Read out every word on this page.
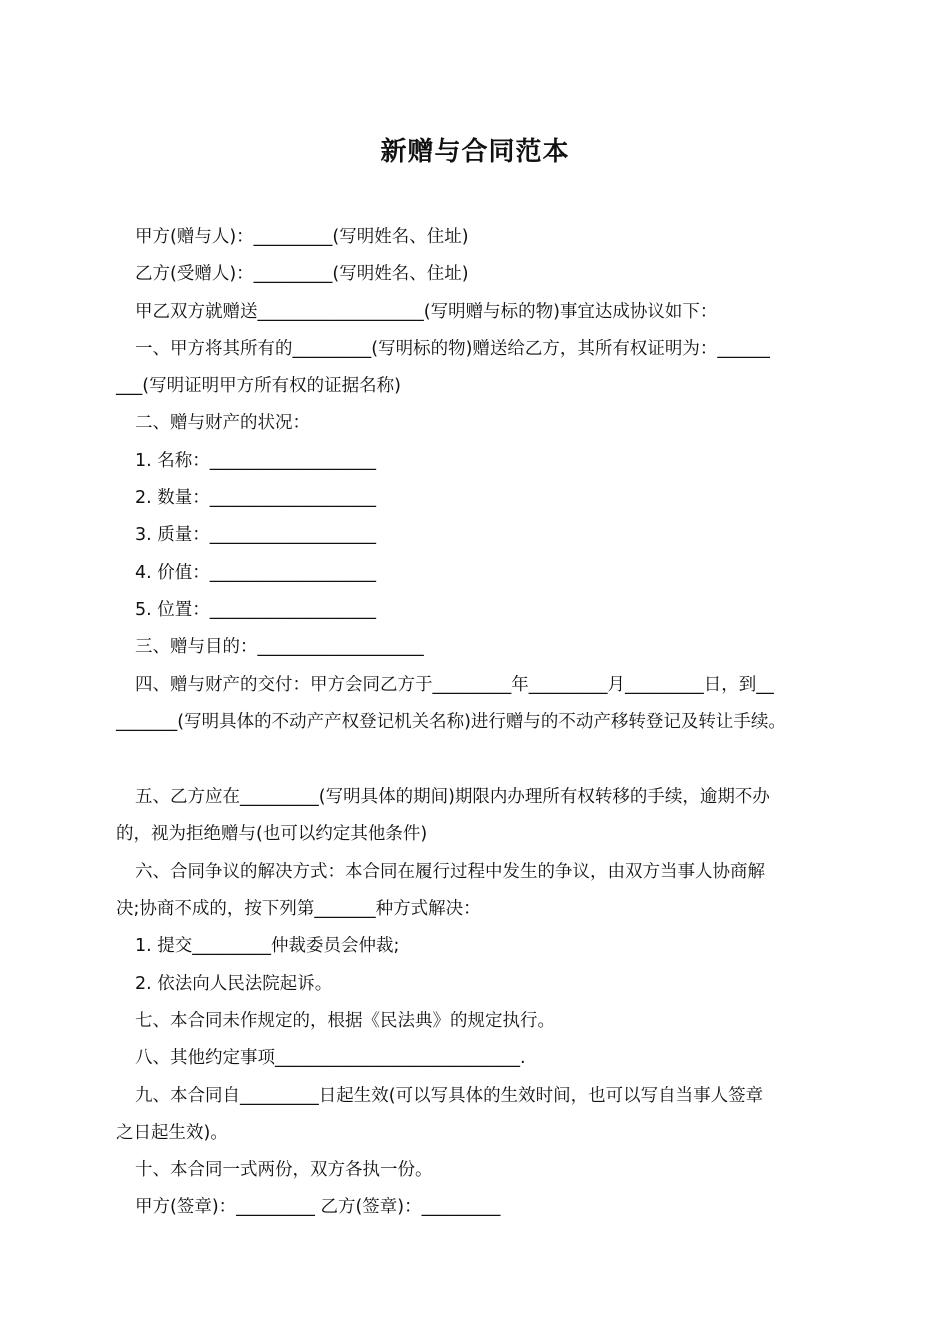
新赠与合同范本
甲方(赠与人)：_________(写明姓名、住址)
乙方(受赠人)：_________(写明姓名、住址)
甲乙双方就赠送___________________(写明赠与标的物)事宜达成协议如下：
一、甲方将其所有的_________(写明标的物)赠送给乙方，其所有权证明为：______
___(写明证明甲方所有权的证据名称)
二、赠与财产的状况：
1. 名称：___________________
2. 数量：___________________
3. 质量：___________________
4. 价值：___________________
5. 位置：___________________
三、赠与目的：___________________
四、赠与财产的交付：甲方会同乙方于_________年_________月_________日，到__
_______(写明具体的不动产产权登记机关名称)进行赠与的不动产移转登记及转让手续。
五、乙方应在_________(写明具体的期间)期限内办理所有权转移的手续，逾期不办
的，视为拒绝赠与(也可以约定其他条件)
六、合同争议的解决方式：本合同在履行过程中发生的争议，由双方当事人协商解
决;协商不成的，按下列第_______种方式解决：
1. 提交_________仲裁委员会仲裁;
2. 依法向人民法院起诉。
七、本合同未作规定的，根据《民法典》的规定执行。
八、其他约定事项____________________________.
九、本合同自_________日起生效(可以写具体的生效时间，也可以写自当事人签章
之日起生效)。
十、本合同一式两份，双方各执一份。
甲方(签章)：_________ 乙方(签章)：_________
